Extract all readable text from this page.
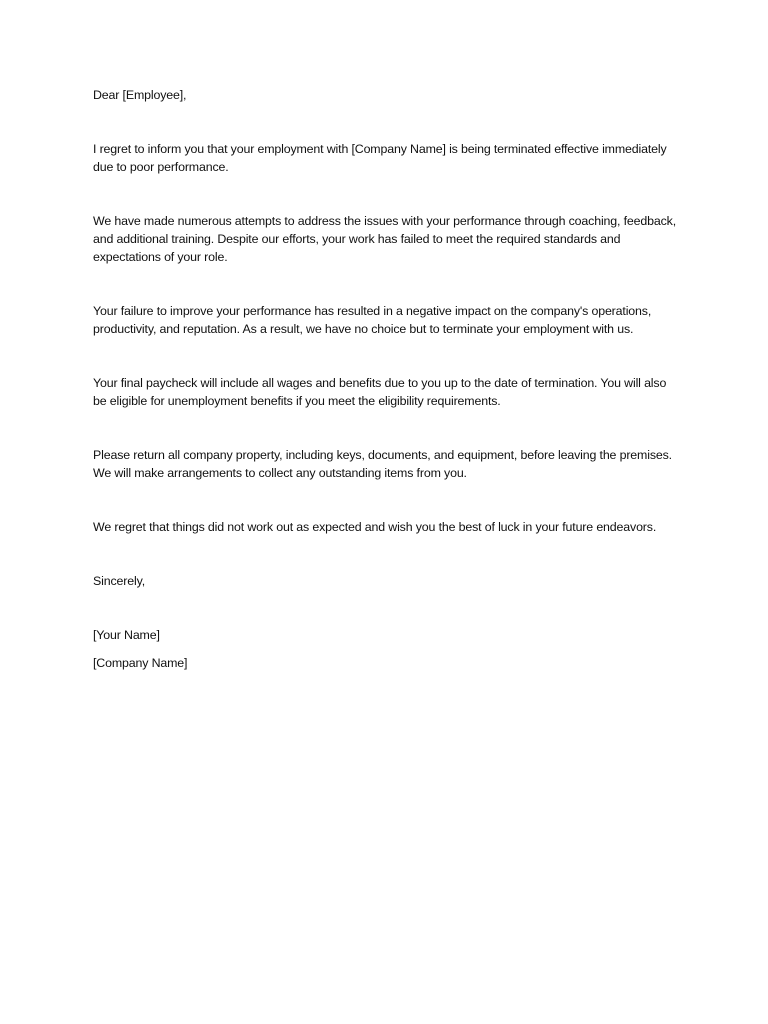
Dear [Employee],

I regret to inform you that your employment with [Company Name] is being terminated effective immediately due to poor performance.

We have made numerous attempts to address the issues with your performance through coaching, feedback, and additional training. Despite our efforts, your work has failed to meet the required standards and expectations of your role.

Your failure to improve your performance has resulted in a negative impact on the company's operations, productivity, and reputation. As a result, we have no choice but to terminate your employment with us.

Your final paycheck will include all wages and benefits due to you up to the date of termination. You will also be eligible for unemployment benefits if you meet the eligibility requirements.

Please return all company property, including keys, documents, and equipment, before leaving the premises. We will make arrangements to collect any outstanding items from you.

We regret that things did not work out as expected and wish you the best of luck in your future endeavors.

Sincerely,

[Your Name]

[Company Name]
